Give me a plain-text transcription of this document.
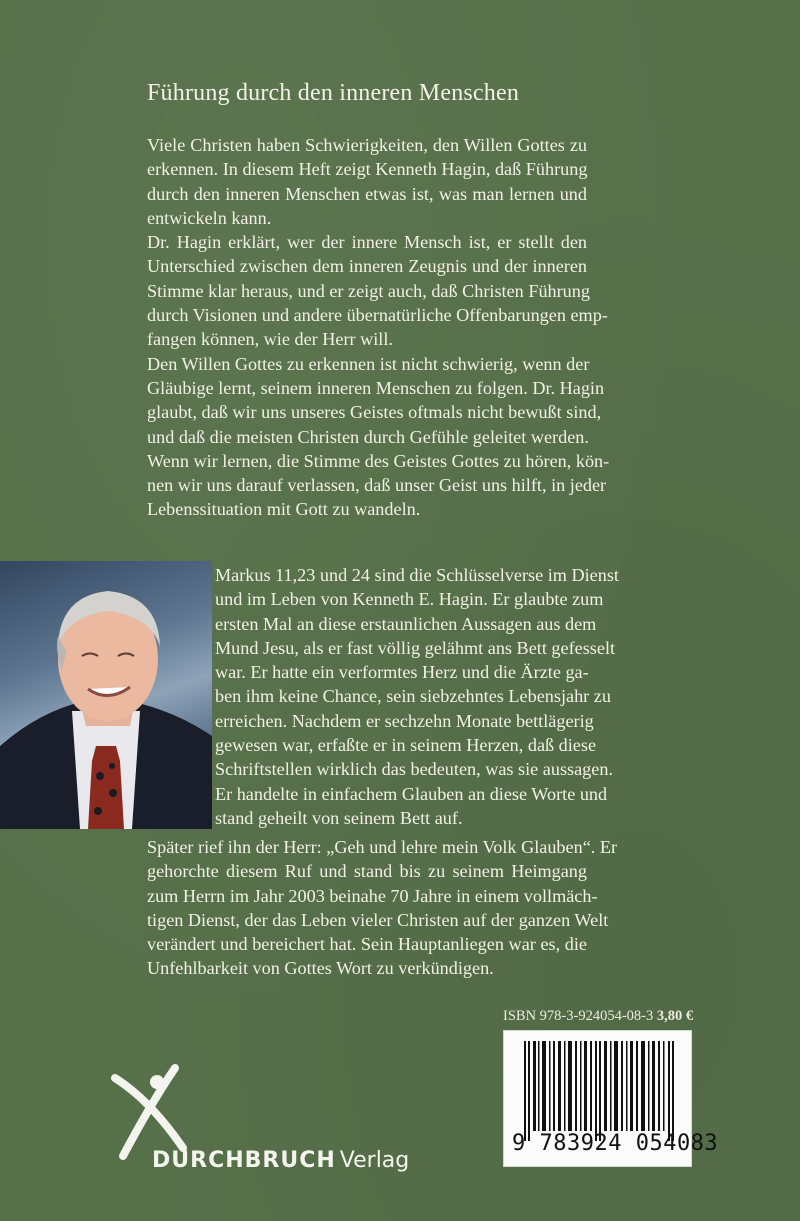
Führung durch den inneren Menschen
Viele Christen haben Schwierigkeiten, den Willen Gottes zu
erkennen. In diesem Heft zeigt Kenneth Hagin, daß Führung
durch den inneren Menschen etwas ist, was man lernen und
entwickeln kann.
Dr. Hagin erklärt, wer der innere Mensch ist, er stellt den
Unterschied zwischen dem inneren Zeugnis und der inneren
Stimme klar heraus, und er zeigt auch, daß Christen Führung
durch Visionen und andere übernatürliche Offenbarungen emp-
fangen können, wie der Herr will.
Den Willen Gottes zu erkennen ist nicht schwierig, wenn der
Gläubige lernt, seinem inneren Menschen zu folgen. Dr. Hagin
glaubt, daß wir uns unseres Geistes oftmals nicht bewußt sind,
und daß die meisten Christen durch Gefühle geleitet werden.
Wenn wir lernen, die Stimme des Geistes Gottes zu hören, kön-
nen wir uns darauf verlassen, daß unser Geist uns hilft, in jeder
Lebenssituation mit Gott zu wandeln.
Markus 11,23 und 24 sind die Schlüsselverse im Dienst
und im Leben von Kenneth E. Hagin. Er glaubte zum
ersten Mal an diese erstaunlichen Aussagen aus dem
Mund Jesu, als er fast völlig gelähmt ans Bett gefesselt
war. Er hatte ein verformtes Herz und die Ärzte ga-
ben ihm keine Chance, sein siebzehntes Lebensjahr zu
erreichen. Nachdem er sechzehn Monate bettlägerig
gewesen war, erfaßte er in seinem Herzen, daß diese
Schriftstellen wirklich das bedeuten, was sie aussagen.
Er handelte in einfachem Glauben an diese Worte und
stand geheilt von seinem Bett auf.
Später rief ihn der Herr: „Geh und lehre mein Volk Glauben“. Er
gehorchte diesem Ruf und stand bis zu seinem Heimgang
zum Herrn im Jahr 2003 beinahe 70 Jahre in einem vollmäch-
tigen Dienst, der das Leben vieler Christen auf der ganzen Welt
verändert und bereichert hat. Sein Hauptanliegen war es, die
Unfehlbarkeit von Gottes Wort zu verkündigen.
ISBN 978-3-924054-08-3 3,80 €
9 783924 054083
DURCHBRUCH Verlag
